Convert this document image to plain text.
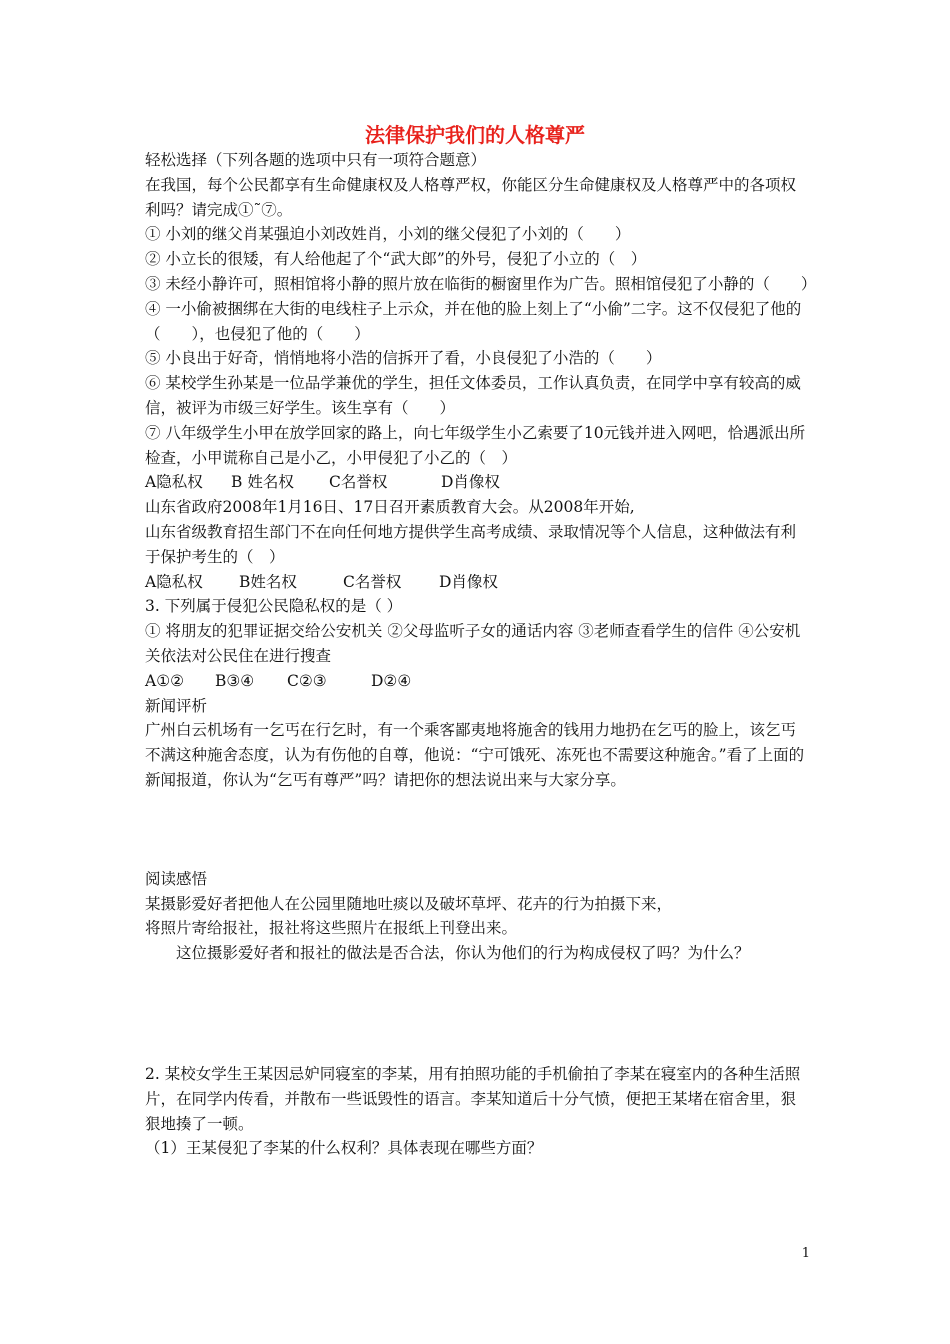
法律保护我们的人格尊严

轻松选择（下列各题的选项中只有一项符合题意）

在我国，每个公民都享有生命健康权及人格尊严权，你能区分生命健康权及人格尊严中的各项权利吗？请完成①˜⑦。

① 小刘的继父肖某强迫小刘改姓肖，小刘的继父侵犯了小刘的（　　）

② 小立长的很矮，有人给他起了个“武大郎”的外号，侵犯了小立的（　）

③ 未经小静许可，照相馆将小静的照片放在临街的橱窗里作为广告。照相馆侵犯了小静的（　　）

④ 一小偷被捆绑在大街的电线柱子上示众，并在他的脸上刻上了“小偷”二字。这不仅侵犯了他的（　　），也侵犯了他的（　　）

⑤ 小良出于好奇，悄悄地将小浩的信拆开了看，小良侵犯了小浩的（　　）

⑥ 某校学生孙某是一位品学兼优的学生，担任文体委员，工作认真负责，在同学中享有较高的威信，被评为市级三好学生。该生享有（　　）

⑦ 八年级学生小甲在放学回家的路上，向七年级学生小乙索要了10元钱并进入网吧，恰遇派出所检查，小甲谎称自己是小乙，小甲侵犯了小乙的（　）

A隐私权	B 姓名权	C名誉权	D肖像权

山东省政府2008年1月16日、17日召开素质教育大会。从2008年开始,

山东省级教育招生部门不在向任何地方提供学生高考成绩、录取情况等个人信息，这种做法有利于保护考生的（　）

A隐私权	B姓名权	C名誉权	D肖像权

3. 下列属于侵犯公民隐私权的是（ ）

① 将朋友的犯罪证据交给公安机关 ②父母监听子女的通话内容 ③老师查看学生的信件 ④公安机关依法对公民住在进行搜查

A①②	B③④	C②③	D②④

新闻评析

广州白云机场有一乞丐在行乞时，有一个乘客鄙夷地将施舍的钱用力地扔在乞丐的脸上，该乞丐不满这种施舍态度，认为有伤他的自尊，他说：“宁可饿死、冻死也不需要这种施舍。”看了上面的新闻报道，你认为“乞丐有尊严”吗？请把你的想法说出来与大家分享。

阅读感悟

某摄影爱好者把他人在公园里随地吐痰以及破坏草坪、花卉的行为拍摄下来，

将照片寄给报社，报社将这些照片在报纸上刊登出来。

这位摄影爱好者和报社的做法是否合法，你认为他们的行为构成侵权了吗？为什么？

2. 某校女学生王某因忌妒同寝室的李某，用有拍照功能的手机偷拍了李某在寝室内的各种生活照片，在同学内传看，并散布一些诋毁性的语言。李某知道后十分气愤，便把王某堵在宿舍里，狠狠地揍了一顿。

（1）王某侵犯了李某的什么权利？具体表现在哪些方面？

1
